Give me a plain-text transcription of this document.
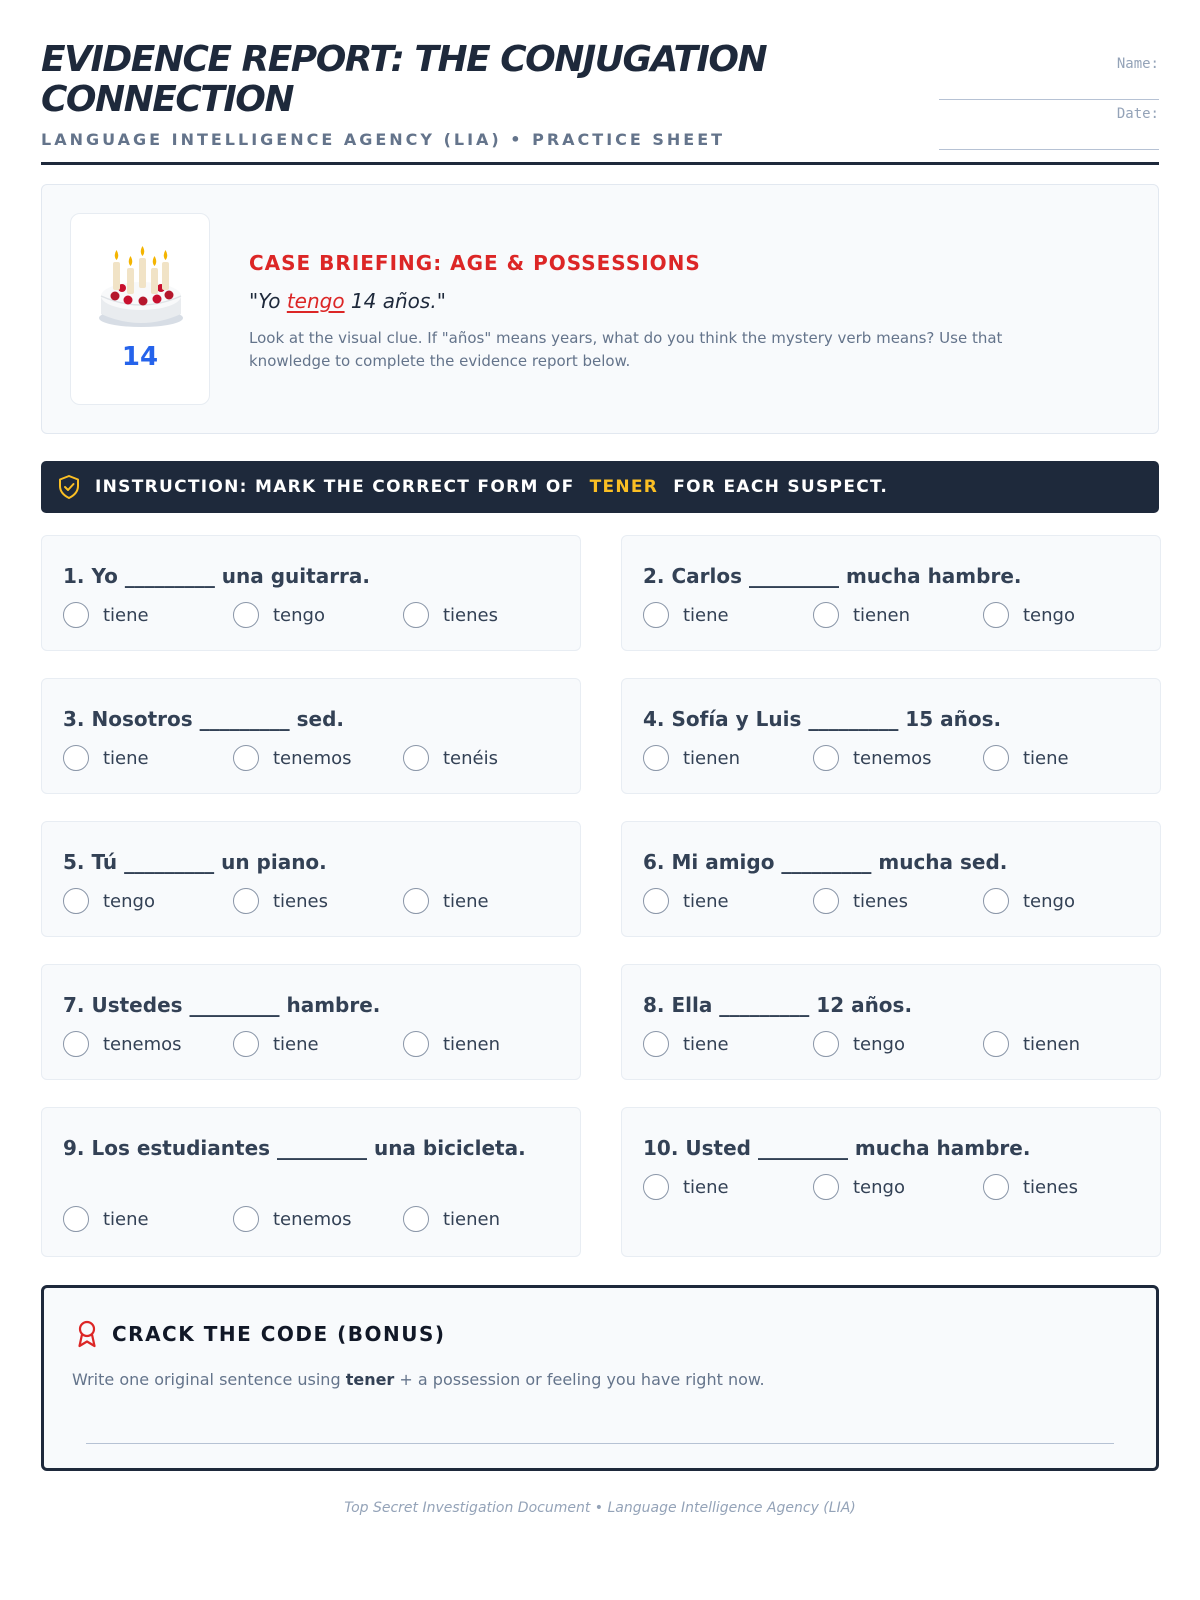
EVIDENCE REPORT: THE CONJUGATION CONNECTION
LANGUAGE INTELLIGENCE AGENCY (LIA) • PRACTICE SHEET
Name:
Date:
14
CASE BRIEFING: AGE & POSSESSIONS
"Yo tengo 14 años."
Look at the visual clue. If "años" means years, what do you think the mystery verb means? Use that knowledge to complete the evidence report below.
INSTRUCTION: MARK THE CORRECT FORM OF TENER FOR EACH SUSPECT.
1. Yo _________ una guitarra.
tiene	tengo	tienes
2. Carlos _________ mucha hambre.
tiene	tienen	tengo
3. Nosotros _________ sed.
tiene	tenemos	tenéis
4. Sofía y Luis _________ 15 años.
tienen	tenemos	tiene
5. Tú _________ un piano.
tengo	tienes	tiene
6. Mi amigo _________ mucha sed.
tiene	tienes	tengo
7. Ustedes _________ hambre.
tenemos	tiene	tienen
8. Ella _________ 12 años.
tiene	tengo	tienen
9. Los estudiantes _________ una bicicleta.
tiene	tenemos	tienen
10. Usted _________ mucha hambre.
tiene	tengo	tienes
CRACK THE CODE (BONUS)
Write one original sentence using tener + a possession or feeling you have right now.
Top Secret Investigation Document • Language Intelligence Agency (LIA)
